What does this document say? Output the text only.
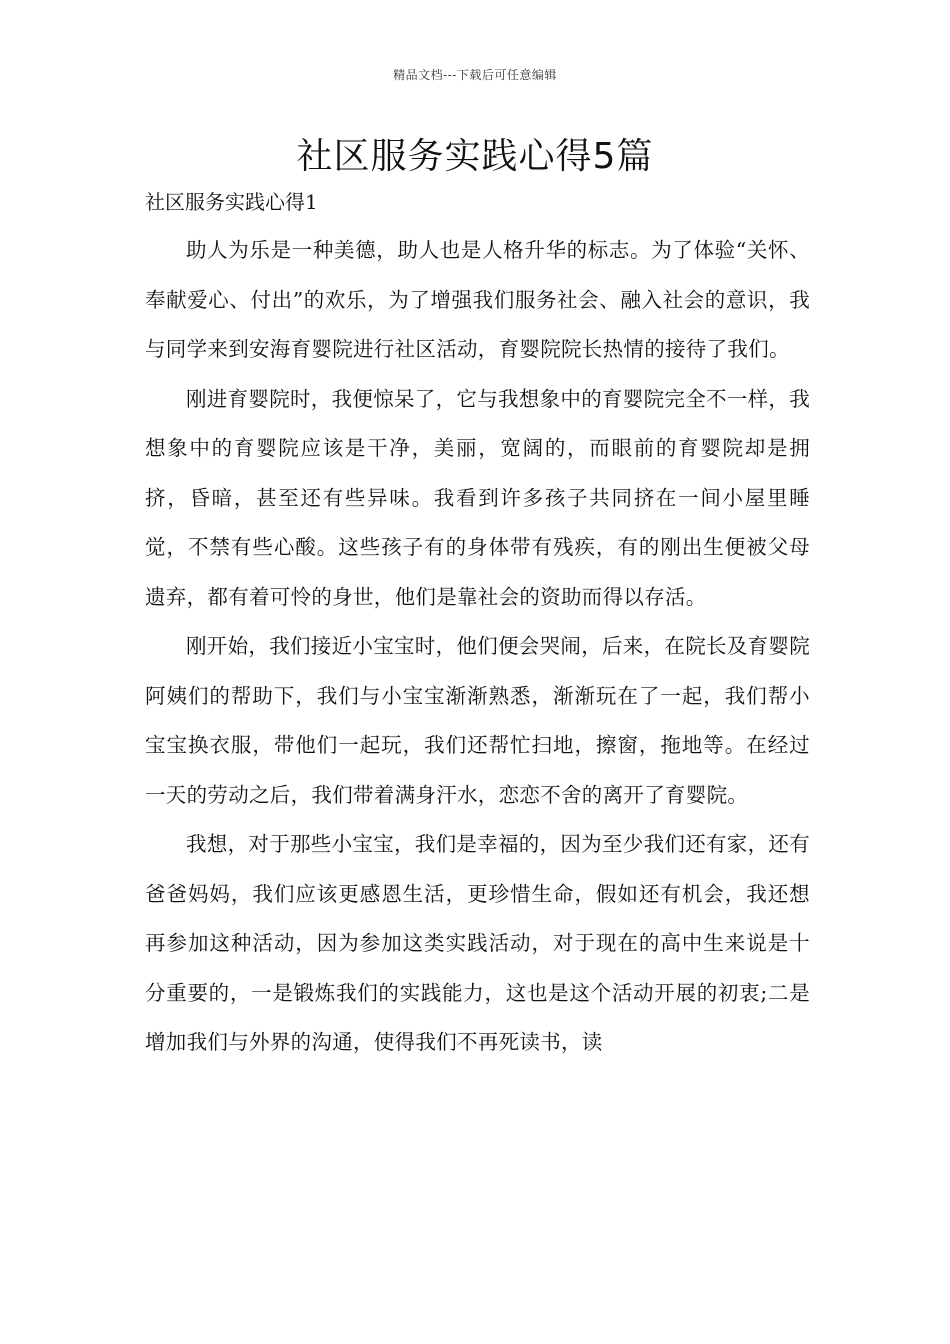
精品文档---下载后可任意编辑
社区服务实践心得5篇
社区服务实践心得1

助人为乐是一种美德，助人也是人格升华的标志。为了体验“关怀、奉献爱心、付出”的欢乐，为了增强我们服务社会、融入社会的意识，我与同学来到安海育婴院进行社区活动，育婴院院长热情的接待了我们。

刚进育婴院时，我便惊呆了，它与我想象中的育婴院完全不一样，我想象中的育婴院应该是干净，美丽，宽阔的，而眼前的育婴院却是拥挤，昏暗，甚至还有些异味。我看到许多孩子共同挤在一间小屋里睡觉，不禁有些心酸。这些孩子有的身体带有残疾，有的刚出生便被父母遗弃，都有着可怜的身世，他们是靠社会的资助而得以存活。

刚开始，我们接近小宝宝时，他们便会哭闹，后来，在院长及育婴院阿姨们的帮助下，我们与小宝宝渐渐熟悉，渐渐玩在了一起，我们帮小宝宝换衣服，带他们一起玩，我们还帮忙扫地，擦窗，拖地等。在经过一天的劳动之后，我们带着满身汗水，恋恋不舍的离开了育婴院。

我想，对于那些小宝宝，我们是幸福的，因为至少我们还有家，还有爸爸妈妈，我们应该更感恩生活，更珍惜生命，假如还有机会，我还想再参加这种活动，因为参加这类实践活动，对于现在的高中生来说是十分重要的，一是锻炼我们的实践能力，这也是这个活动开展的初衷;二是增加我们与外界的沟通，使得我们不再死读书，读
